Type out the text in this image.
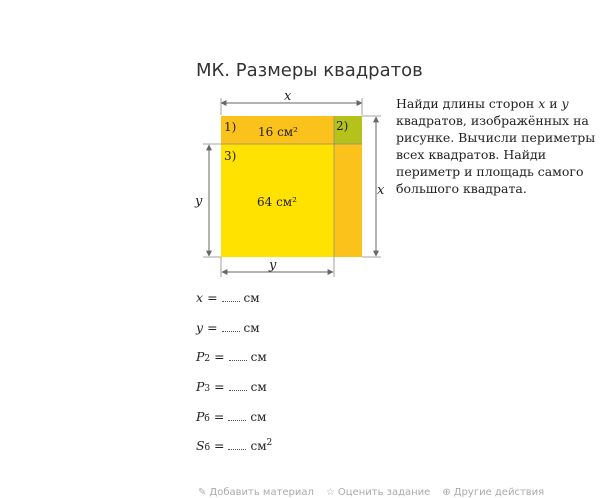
МК. Размеры квадратов
x
1) 16 см²	2)
3)
64 см²
y
x
y
Найди длины сторон x и y квадратов, изображённых на рисунке. Вычисли периметры всех квадратов. Найди периметр и площадь самого большого квадрата.
x = см
y = см
$P_2$ = см
$P_3$ = см
$P_б$ = см
$S_б = см^2$
✎ Добавить материал ☆ Оценить задание ⊕ Другие действия
